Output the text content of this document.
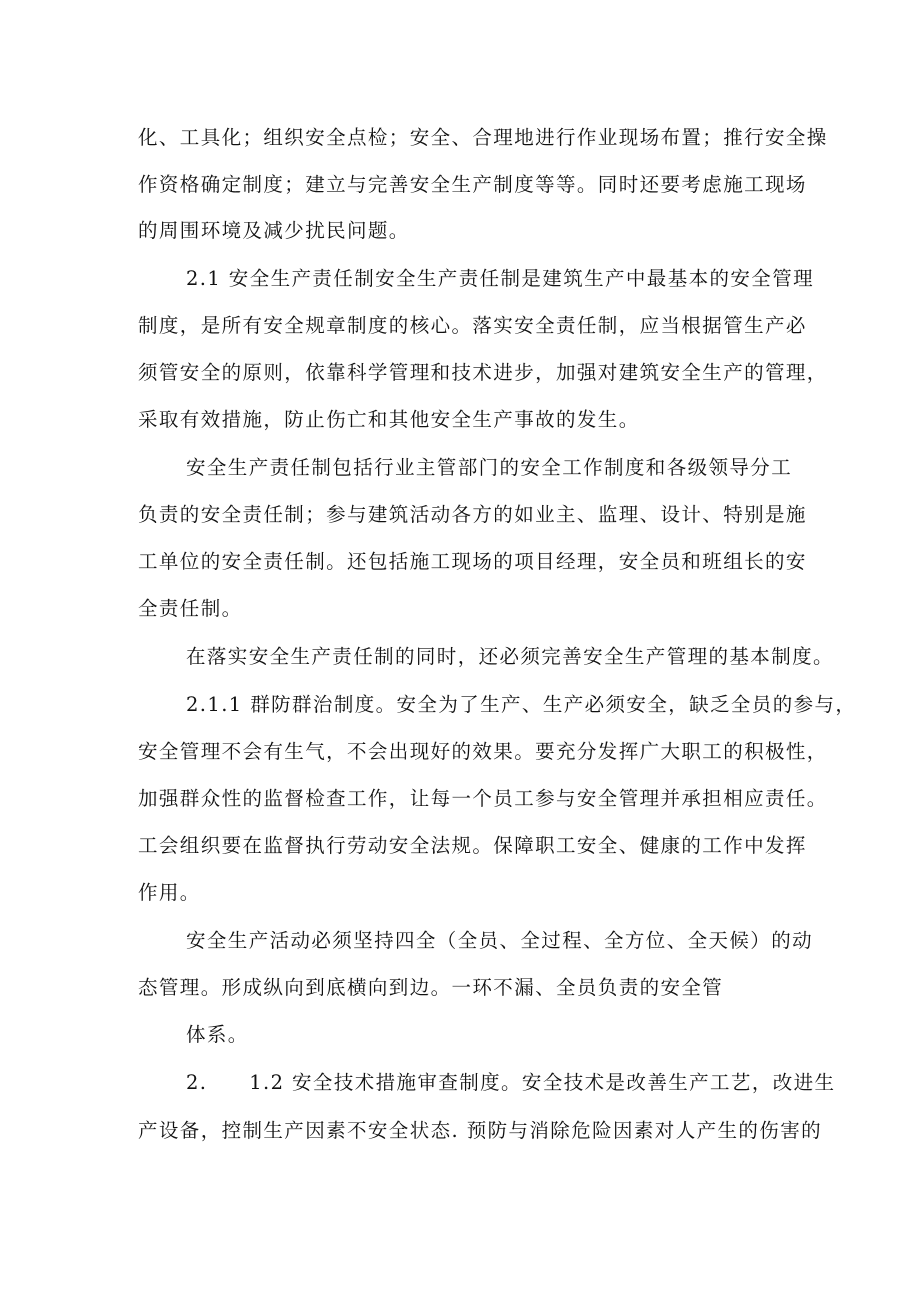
化、工具化；组织安全点检；安全、合理地进行作业现场布置；推行安全操
作资格确定制度；建立与完善安全生产制度等等。同时还要考虑施工现场
的周围环境及减少扰民问题。
2.1 安全生产责任制安全生产责任制是建筑生产中最基本的安全管理
制度，是所有安全规章制度的核心。落实安全责任制，应当根据管生产必
须管安全的原则，依靠科学管理和技术进步，加强对建筑安全生产的管理，
采取有效措施，防止伤亡和其他安全生产事故的发生。
安全生产责任制包括行业主管部门的安全工作制度和各级领导分工
负责的安全责任制；参与建筑活动各方的如业主、监理、设计、特别是施
工单位的安全责任制。还包括施工现场的项目经理，安全员和班组长的安
全责任制。
在落实安全生产责任制的同时，还必须完善安全生产管理的基本制度。
2.1.1 群防群治制度。安全为了生产、生产必须安全，缺乏全员的参与，
安全管理不会有生气，不会出现好的效果。要充分发挥广大职工的积极性，
加强群众性的监督检查工作，让每一个员工参与安全管理并承担相应责任。
工会组织要在监督执行劳动安全法规。保障职工安全、健康的工作中发挥
作用。
安全生产活动必须坚持四全（全员、全过程、全方位、全天候）的动
态管理。形成纵向到底横向到边。一环不漏、全员负责的安全管
体系。
2.　　1.2 安全技术措施审查制度。安全技术是改善生产工艺，改进生
产设备，控制生产因素不安全状态. 预防与消除危险因素对人产生的伤害的
